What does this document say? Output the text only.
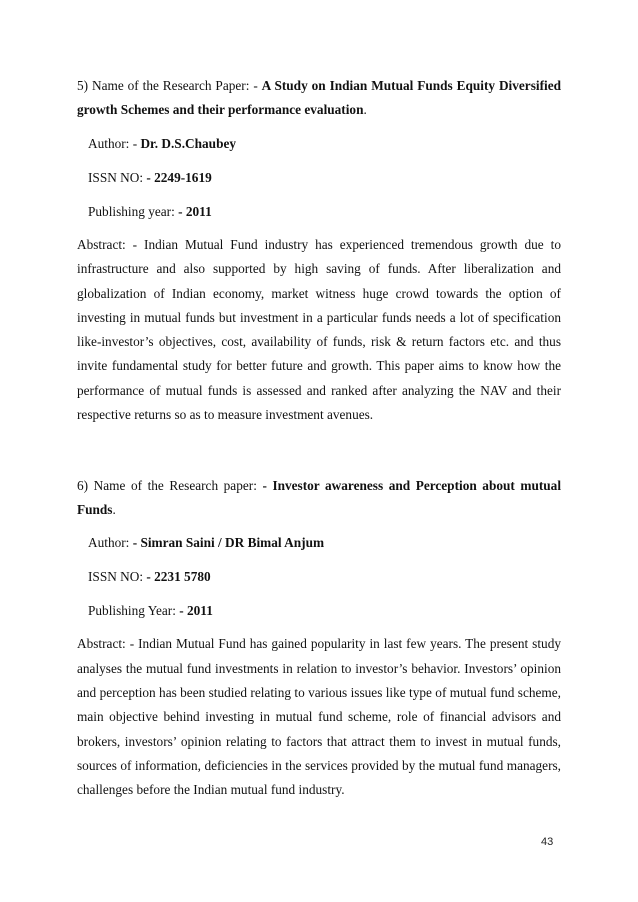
5) Name of the Research Paper: - A Study on Indian Mutual Funds Equity Diversified growth Schemes and their performance evaluation.

Author: - Dr. D.S.Chaubey

ISSN NO: - 2249-1619

Publishing year: - 2011

Abstract: - Indian Mutual Fund industry has experienced tremendous growth due to infrastructure and also supported by high saving of funds. After liberalization and globalization of Indian economy, market witness huge crowd towards the option of investing in mutual funds but investment in a particular funds needs a lot of specification like-investor’s objectives, cost, availability of funds, risk & return factors etc. and thus invite fundamental study for better future and growth. This paper aims to know how the performance of mutual funds is assessed and ranked after analyzing the NAV and their respective returns so as to measure investment avenues.

6) Name of the Research paper: - Investor awareness and Perception about mutual Funds.

Author: - Simran Saini / DR Bimal Anjum

ISSN NO: - 2231 5780

Publishing Year: - 2011

Abstract: - Indian Mutual Fund has gained popularity in last few years. The present study analyses the mutual fund investments in relation to investor’s behavior. Investors’ opinion and perception has been studied relating to various issues like type of mutual fund scheme, main objective behind investing in mutual fund scheme, role of financial advisors and brokers, investors’ opinion relating to factors that attract them to invest in mutual funds, sources of information, deficiencies in the services provided by the mutual fund managers, challenges before the Indian mutual fund industry.

43
